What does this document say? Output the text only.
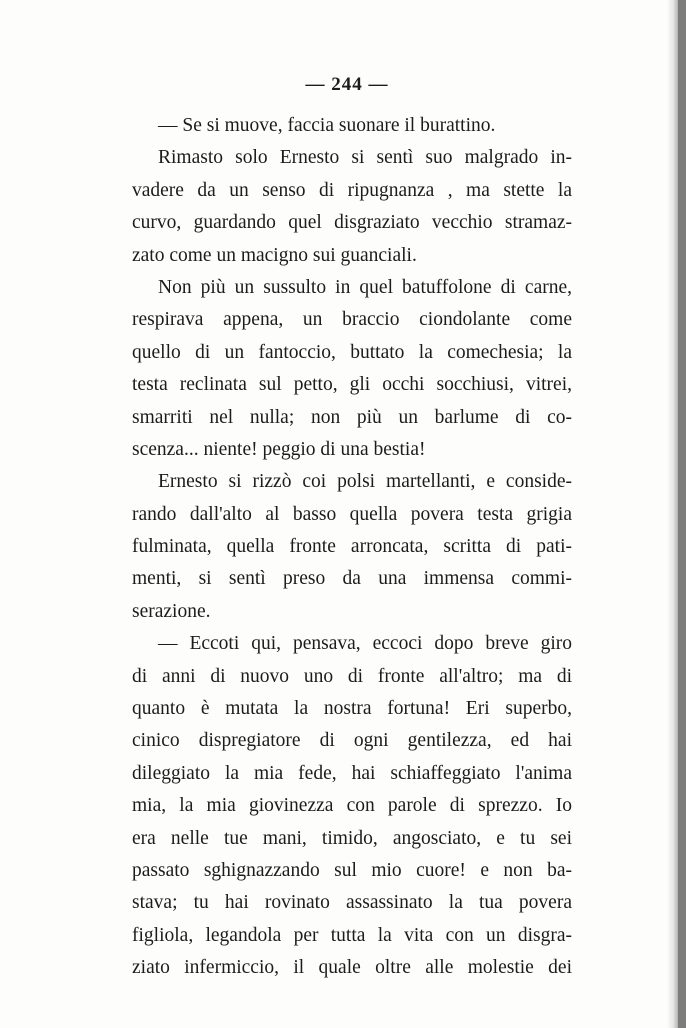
— 244 —
— Se si muove, faccia suonare il burattino.
Rimasto solo Ernesto si sentì suo malgrado in-
vadere da un senso di ripugnanza , ma stette la
curvo, guardando quel disgraziato vecchio stramaz-
zato come un macigno sui guanciali.
Non più un sussulto in quel batuffolone di carne,
respirava appena, un braccio ciondolante come
quello di un fantoccio, buttato la comechesia; la
testa reclinata sul petto, gli occhi socchiusi, vitrei,
smarriti nel nulla; non più un barlume di co-
scenza... niente! peggio di una bestia!
Ernesto si rizzò coi polsi martellanti, e conside-
rando dall'alto al basso quella povera testa grigia
fulminata, quella fronte arroncata, scritta di pati-
menti, si sentì preso da una immensa commi-
serazione.
— Eccoti qui, pensava, eccoci dopo breve giro
di anni di nuovo uno di fronte all'altro; ma di
quanto è mutata la nostra fortuna! Eri superbo,
cinico dispregiatore di ogni gentilezza, ed hai
dileggiato la mia fede, hai schiaffeggiato l'anima
mia, la mia giovinezza con parole di sprezzo. Io
era nelle tue mani, timido, angosciato, e tu sei
passato sghignazzando sul mio cuore! e non ba-
stava; tu hai rovinato assassinato la tua povera
figliola, legandola per tutta la vita con un disgra-
ziato infermiccio, il quale oltre alle molestie dei
